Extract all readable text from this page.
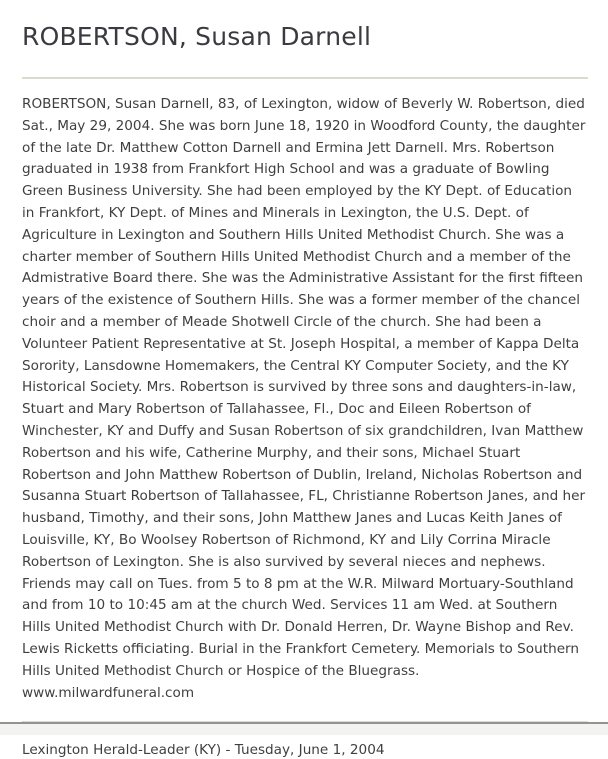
ROBERTSON, Susan Darnell

ROBERTSON, Susan Darnell, 83, of Lexington, widow of Beverly W. Robertson, died Sat., May 29, 2004. She was born June 18, 1920 in Woodford County, the daughter of the late Dr. Matthew Cotton Darnell and Ermina Jett Darnell. Mrs. Robertson graduated in 1938 from Frankfort High School and was a graduate of Bowling Green Business University. She had been employed by the KY Dept. of Education in Frankfort, KY Dept. of Mines and Minerals in Lexington, the U.S. Dept. of Agriculture in Lexington and Southern Hills United Methodist Church. She was a charter member of Southern Hills United Methodist Church and a member of the Admistrative Board there. She was the Administrative Assistant for the first fifteen years of the existence of Southern Hills. She was a former member of the chancel choir and a member of Meade Shotwell Circle of the church. She had been a Volunteer Patient Representative at St. Joseph Hospital, a member of Kappa Delta Sorority, Lansdowne Homemakers, the Central KY Computer Society, and the KY Historical Society. Mrs. Robertson is survived by three sons and daughters-in-law, Stuart and Mary Robertson of Tallahassee, Fl., Doc and Eileen Robertson of Winchester, KY and Duffy and Susan Robertson of six grandchildren, Ivan Matthew Robertson and his wife, Catherine Murphy, and their sons, Michael Stuart Robertson and John Matthew Robertson of Dublin, Ireland, Nicholas Robertson and Susanna Stuart Robertson of Tallahassee, FL, Christianne Robertson Janes, and her husband, Timothy, and their sons, John Matthew Janes and Lucas Keith Janes of Louisville, KY, Bo Woolsey Robertson of Richmond, KY and Lily Corrina Miracle Robertson of Lexington. She is also survived by several nieces and nephews. Friends may call on Tues. from 5 to 8 pm at the W.R. Milward Mortuary-Southland and from 10 to 10:45 am at the church Wed. Services 11 am Wed. at Southern Hills United Methodist Church with Dr. Donald Herren, Dr. Wayne Bishop and Rev. Lewis Ricketts officiating. Burial in the Frankfort Cemetery. Memorials to Southern Hills United Methodist Church or Hospice of the Bluegrass. www.milwardfuneral.com

Lexington Herald-Leader (KY) - Tuesday, June 1, 2004
